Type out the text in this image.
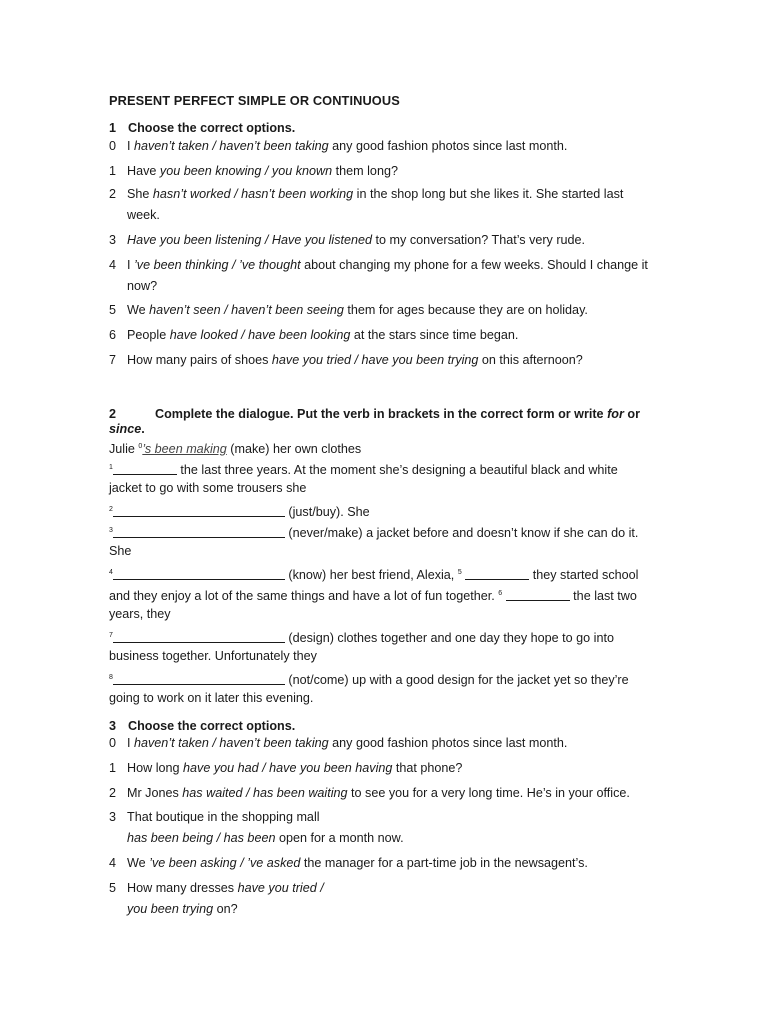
PRESENT PERFECT SIMPLE OR CONTINUOUS
1 Choose the correct options.
0 I haven’t taken / haven’t been taking any good fashion photos since last month.
1 Have you been knowing / you known them long?
2 She hasn’t worked / hasn’t been working in the shop long but she likes it. She started last week.
3 Have you been listening / Have you listened to my conversation? That’s very rude.
4 I ’ve been thinking / ’ve thought about changing my phone for a few weeks. Should I change it now?
5 We haven’t seen / haven’t been seeing them for ages because they are on holiday.
6 People have looked / have been looking at the stars since time began.
7 How many pairs of shoes have you tried / have you been trying on this afternoon?
2	Complete the dialogue. Put the verb in brackets in the correct form or write for or since.
Julie $^0$’s been making (make) her own clothes
$^1$	the last three years. At the moment she’s designing a beautiful black and white
jacket to go with some trousers she
$^2$	(just/buy). She
$^3$	(never/make) a jacket before and doesn’t know if she can do it.
She
$^4$	(know) her best friend, Alexia, $^5$	they started school
and they enjoy a lot of the same things and have a lot of fun together. $^6$	the last two
years, they
$^7$	(design) clothes together and one day they hope to go into
business together. Unfortunately they
$^8$	(not/come) up with a good design for the jacket yet so they’re
going to work on it later this evening.
3 Choose the correct options.
0 I haven’t taken / haven’t been taking any good fashion photos since last month.
1 How long have you had / have you been having that phone?
2 Mr Jones has waited / has been waiting to see you for a very long time. He’s in your office.
3 That boutique in the shopping mall
has been being / has been open for a month now.
4 We ’ve been asking / ’ve asked the manager for a part-time job in the newsagent’s.
5 How many dresses have you tried /
you been trying on?
